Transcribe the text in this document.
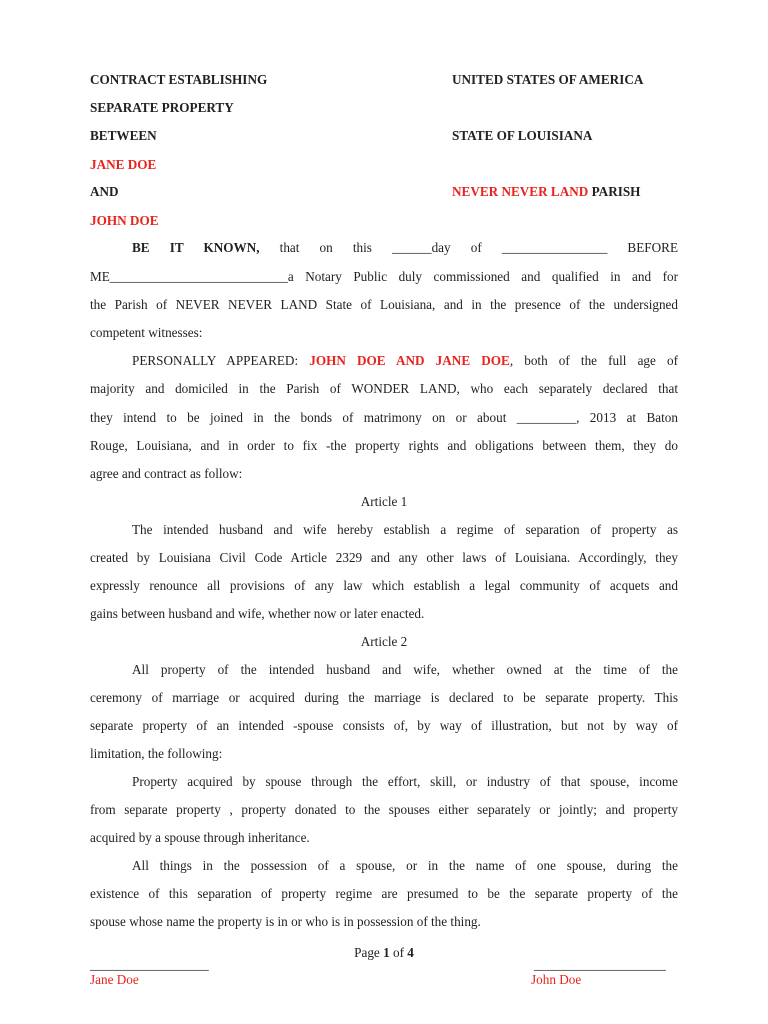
CONTRACT ESTABLISHING
SEPARATE PROPERTY
BETWEEN
JANE DOE
AND
JOHN DOE
UNITED STATES OF AMERICA
STATE OF LOUISIANA
NEVER NEVER LAND PARISH
BE IT KNOWN, that on this ______day of ________________ BEFORE
ME___________________________a Notary Public duly commissioned and qualified in and for
the Parish of NEVER NEVER LAND State of Louisiana, and in the presence of the undersigned
competent witnesses:
PERSONALLY APPEARED: JOHN DOE AND JANE DOE, both of the full age of
majority and domiciled in the Parish of WONDER LAND, who each separately declared that
they intend to be joined in the bonds of matrimony on or about _________, 2013 at Baton
Rouge, Louisiana, and in order to fix -the property rights and obligations between them, they do
agree and contract as follow:
Article 1
The intended husband and wife hereby establish a regime of separation of property as
created by Louisiana Civil Code Article 2329 and any other laws of Louisiana. Accordingly, they
expressly renounce all provisions of any law which establish a legal community of acquets and
gains between husband and wife, whether now or later enacted.
Article 2
All property of the intended husband and wife, whether owned at the time of the
ceremony of marriage or acquired during the marriage is declared to be separate property. This
separate property of an intended -spouse consists of, by way of illustration, but not by way of
limitation, the following:
Property acquired by spouse through the effort, skill, or industry of that spouse, income
from separate property , property donated to the spouses either separately or jointly; and property
acquired by a spouse through inheritance.
All things in the possession of a spouse, or in the name of one spouse, during the
existence of this separation of property regime are presumed to be the separate property of the
spouse whose name the property is in or who is in possession of the thing.
Page 1 of 4
__________________	____________________
Jane Doe	John Doe
